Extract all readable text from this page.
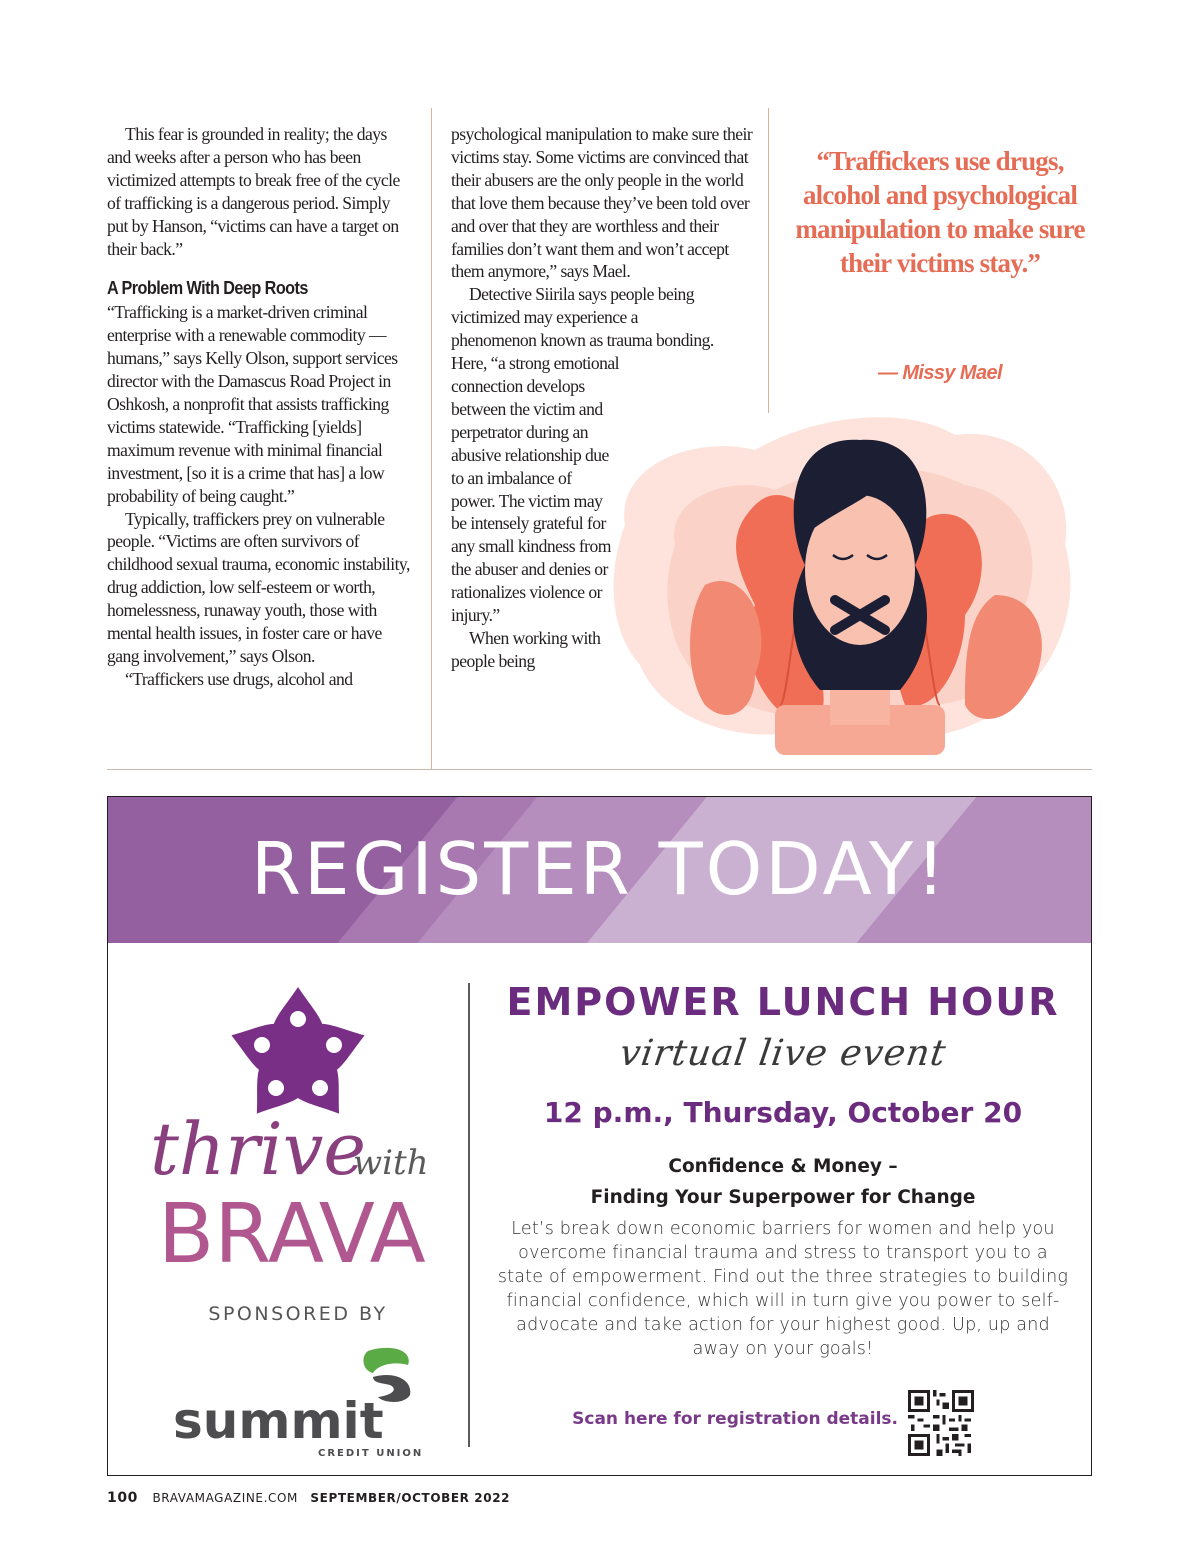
This fear is grounded in reality; the days and weeks after a person who has been victimized attempts to break free of the cycle of trafficking is a dangerous period. Simply put by Hanson, “victims can have a target on their back.”

A Problem With Deep Roots

“Trafficking is a market-driven criminal enterprise with a renewable commodity — humans,” says Kelly Olson, support services director with the Damascus Road Project in Oshkosh, a nonprofit that assists trafficking victims statewide. “Trafficking [yields] maximum revenue with minimal financial investment, [so it is a crime that has] a low probability of being caught.”

Typically, traffickers prey on vulnerable people. “Victims are often survivors of childhood sexual trauma, economic instability, drug addiction, low self-esteem or worth, homelessness, runaway youth, those with mental health issues, in foster care or have gang involvement,” says Olson.

“Traffickers use drugs, alcohol and

psychological manipulation to make sure their victims stay. Some victims are convinced that their abusers are the only people in the world that love them because they’ve been told over and over that they are worthless and their families don’t want them and won’t accept them anymore,” says Mael.

Detective Siirila says people being victimized may experience a phenomenon known as trauma bonding. Here, “a strong emotional

connection develops between the victim and perpetrator during an abusive relationship due to an imbalance of power. The victim may be intensely grateful for any small kindness from the abuser and denies or rationalizes violence or injury.”

When working with people being

“Traffickers use drugs, alcohol and psychological manipulation to make sure their victims stay.”
— Missy Mael
REGISTER TODAY!
thrive
with
BRAVA
SPONSORED BY
summit
CREDIT UNION
EMPOWER LUNCH HOUR
virtual live event
12 p.m., Thursday, October 20
Confidence & Money –
Finding Your Superpower for Change
Let’s break down economic barriers for women and help you overcome financial trauma and stress to transport you to a state of empowerment. Find out the three strategies to building financial confidence, which will in turn give you power to self-advocate and take action for your highest good. Up, up and away on your goals!
Scan here for registration details.
100 BRAVAMAGAZINE.COM SEPTEMBER/OCTOBER 2022
